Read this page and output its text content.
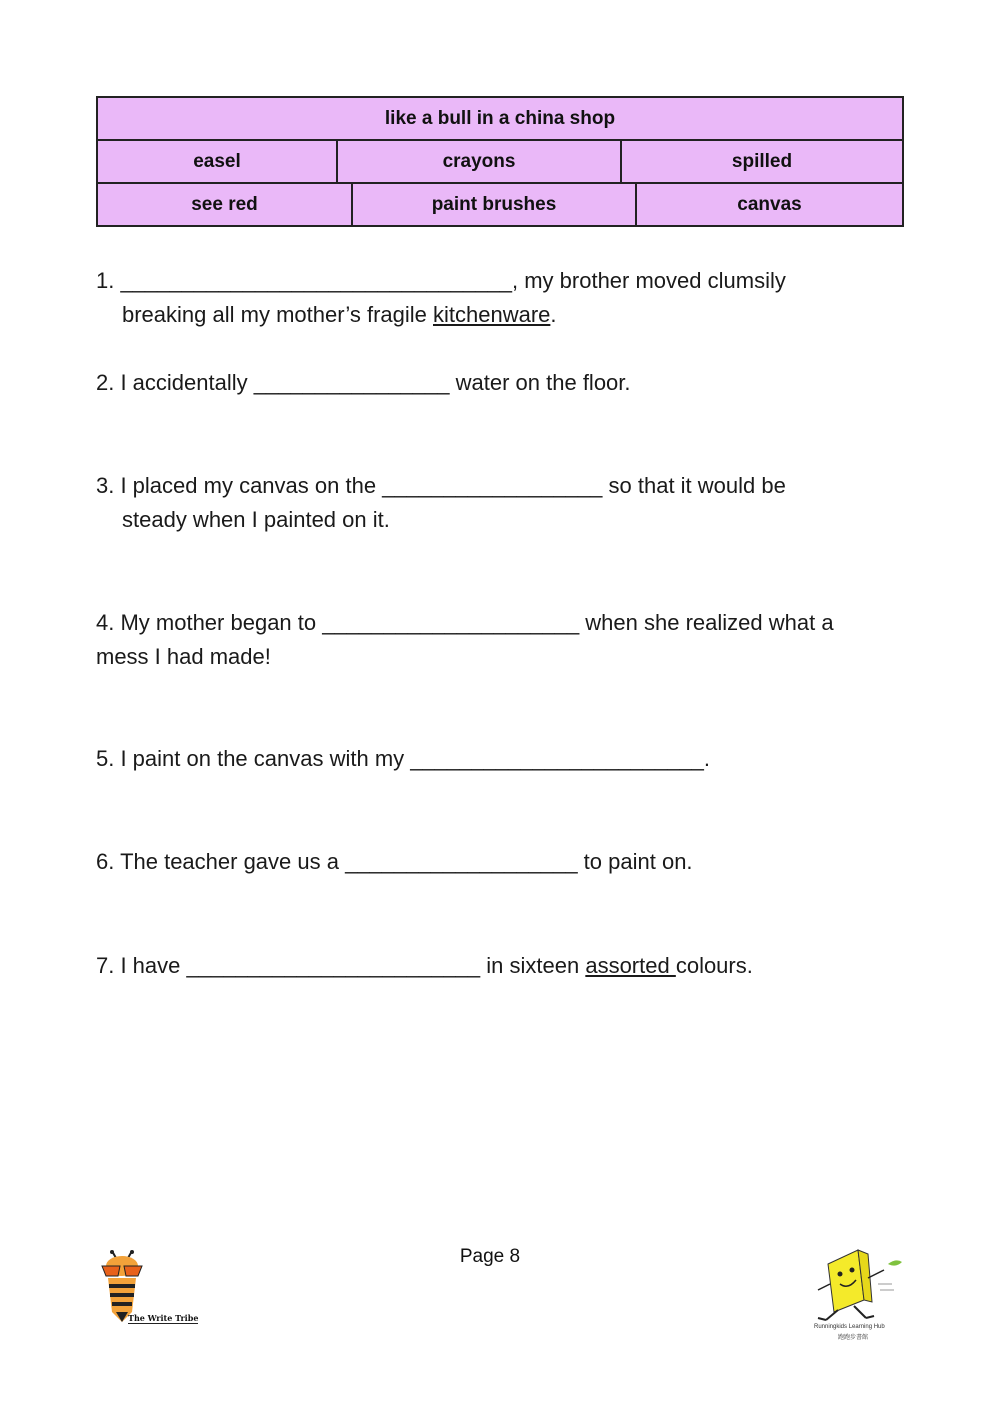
like a bull in a china shop
easel	crayons	spilled
see red	paint brushes	canvas
1. ________________________________, my brother moved clumsily
breaking all my mother’s fragile kitchenware.
2. I accidentally ________________ water on the floor.
3. I placed my canvas on the __________________ so that it would be
steady when I painted on it.
4. My mother began to _____________________ when she realized what a
mess I had made!
5. I paint on the canvas with my ________________________.
6. The teacher gave us a ___________________ to paint on.
7. I have ________________________ in sixteen assorted colours.
Page 8
The Write Tribe
Runningkids Learning Hub
跑跑步書館
